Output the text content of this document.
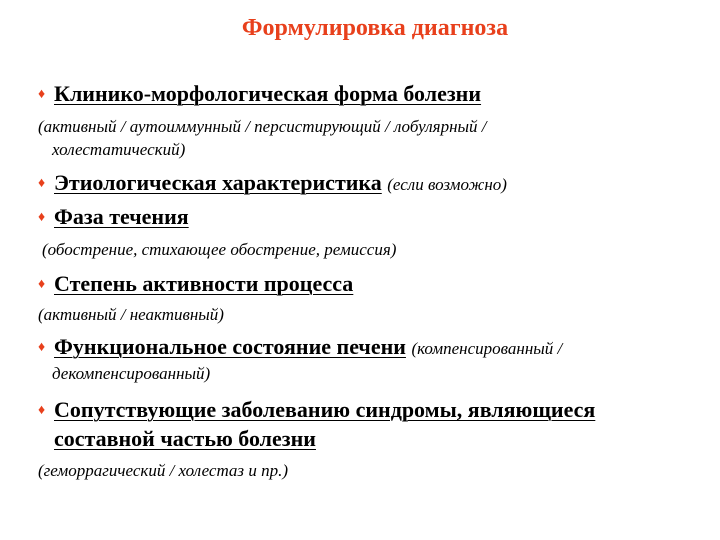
Формулировка диагноза
♦ Клинико-морфологическая форма болезни
(активный / аутоиммунный / персистирующий / лобулярный /
холестатический)
♦ Этиологическая характеристика (если возможно)
♦ Фаза течения
(обострение, стихающее обострение, ремиссия)
♦ Степень активности процесса
(активный / неактивный)
♦ Функциональное состояние печени (компенсированный /
декомпенсированный)
♦ Сопутствующие заболеванию синдромы, являющиеся
составной частью болезни
(геморрагический / холестаз и пр.)
